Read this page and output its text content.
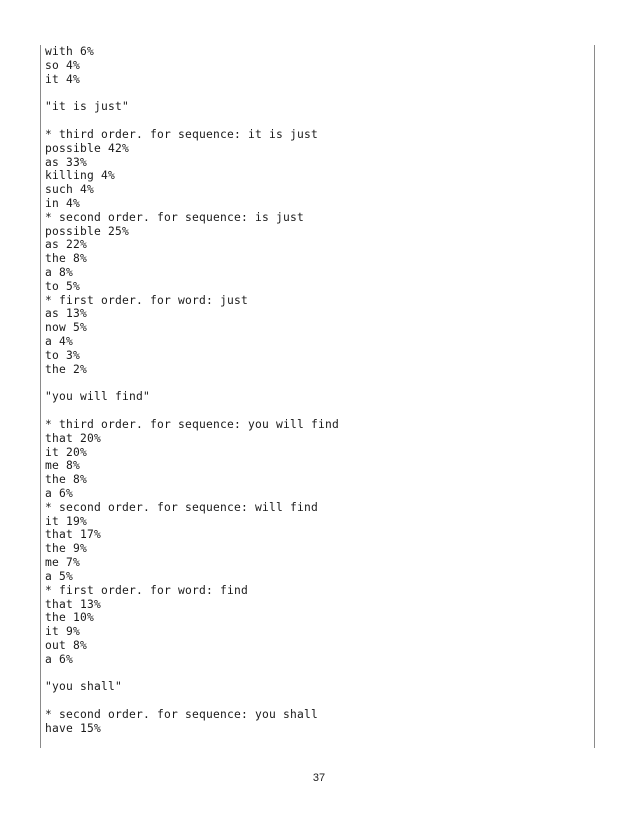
with 6%
so 4%
it 4%
"it is just"
* third order. for sequence: it is just
possible 42%
as 33%
killing 4%
such 4%
in 4%
* second order. for sequence: is just
possible 25%
as 22%
the 8%
a 8%
to 5%
* first order. for word: just
as 13%
now 5%
a 4%
to 3%
the 2%
"you will find"
* third order. for sequence: you will find
that 20%
it 20%
me 8%
the 8%
a 6%
* second order. for sequence: will find
it 19%
that 17%
the 9%
me 7%
a 5%
* first order. for word: find
that 13%
the 10%
it 9%
out 8%
a 6%
"you shall"
* second order. for sequence: you shall
have 15%
37
